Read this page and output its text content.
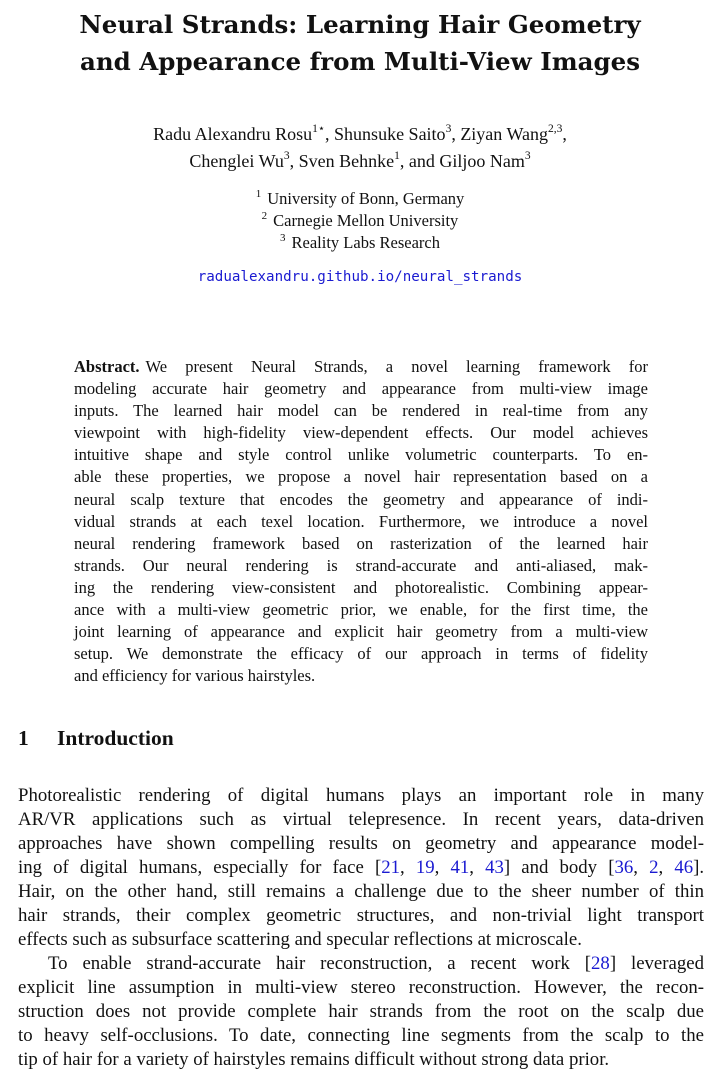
Neural Strands: Learning Hair Geometry
and Appearance from Multi-View Images
Radu Alexandru Rosu$^{1⋆}$, Shunsuke Saito$^3$, Ziyan Wang$^{2,3}$,
Chenglei Wu$^3$, Sven Behnke$^1$, and Giljoo Nam$^3$
$^1$ University of Bonn, Germany
$^2$ Carnegie Mellon University
$^3$ Reality Labs Research
radualexandru.github.io/neural_strands
Abstract. We present Neural Strands, a novel learning framework for
modeling accurate hair geometry and appearance from multi-view image
inputs. The learned hair model can be rendered in real-time from any
viewpoint with high-fidelity view-dependent effects. Our model achieves
intuitive shape and style control unlike volumetric counterparts. To en-
able these properties, we propose a novel hair representation based on a
neural scalp texture that encodes the geometry and appearance of indi-
vidual strands at each texel location. Furthermore, we introduce a novel
neural rendering framework based on rasterization of the learned hair
strands. Our neural rendering is strand-accurate and anti-aliased, mak-
ing the rendering view-consistent and photorealistic. Combining appear-
ance with a multi-view geometric prior, we enable, for the first time, the
joint learning of appearance and explicit hair geometry from a multi-view
setup. We demonstrate the efficacy of our approach in terms of fidelity
and efficiency for various hairstyles.
1 Introduction
Photorealistic rendering of digital humans plays an important role in many
AR/VR applications such as virtual telepresence. In recent years, data-driven
approaches have shown compelling results on geometry and appearance model-
ing of digital humans, especially for face [21, 19, 41, 43] and body [36, 2, 46].
Hair, on the other hand, still remains a challenge due to the sheer number of thin
hair strands, their complex geometric structures, and non-trivial light transport
effects such as subsurface scattering and specular reflections at microscale.
To enable strand-accurate hair reconstruction, a recent work [28] leveraged
explicit line assumption in multi-view stereo reconstruction. However, the recon-
struction does not provide complete hair strands from the root on the scalp due
to heavy self-occlusions. To date, connecting line segments from the scalp to the
tip of hair for a variety of hairstyles remains difficult without strong data prior.
